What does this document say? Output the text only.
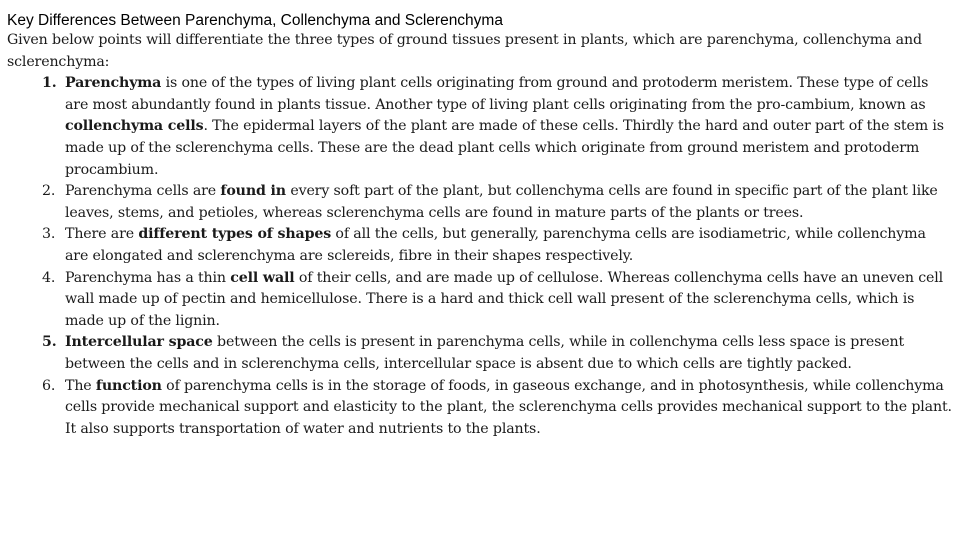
Key Differences Between Parenchyma, Collenchyma and Sclerenchyma

Given below points will differentiate the three types of ground tissues present in plants, which are parenchyma, collenchyma and sclerenchyma:

1. Parenchyma is one of the types of living plant cells originating from ground and protoderm meristem. These type of cells are most abundantly found in plants tissue. Another type of living plant cells originating from the pro-cambium, known as collenchyma cells. The epidermal layers of the plant are made of these cells. Thirdly the hard and outer part of the stem is made up of the sclerenchyma cells. These are the dead plant cells which originate from ground meristem and protoderm procambium.
2. Parenchyma cells are found in every soft part of the plant, but collenchyma cells are found in specific part of the plant like leaves, stems, and petioles, whereas sclerenchyma cells are found in mature parts of the plants or trees.
3. There are different types of shapes of all the cells, but generally, parenchyma cells are isodiametric, while collenchyma are elongated and sclerenchyma are sclereids, fibre in their shapes respectively.
4. Parenchyma has a thin cell wall of their cells, and are made up of cellulose. Whereas collenchyma cells have an uneven cell wall made up of pectin and hemicellulose. There is a hard and thick cell wall present of the sclerenchyma cells, which is made up of the lignin.
5. Intercellular space between the cells is present in parenchyma cells, while in collenchyma cells less space is present between the cells and in sclerenchyma cells, intercellular space is absent due to which cells are tightly packed.
6. The function of parenchyma cells is in the storage of foods, in gaseous exchange, and in photosynthesis, while collenchyma cells provide mechanical support and elasticity to the plant, the sclerenchyma cells provides mechanical support to the plant. It also supports transportation of water and nutrients to the plants.
